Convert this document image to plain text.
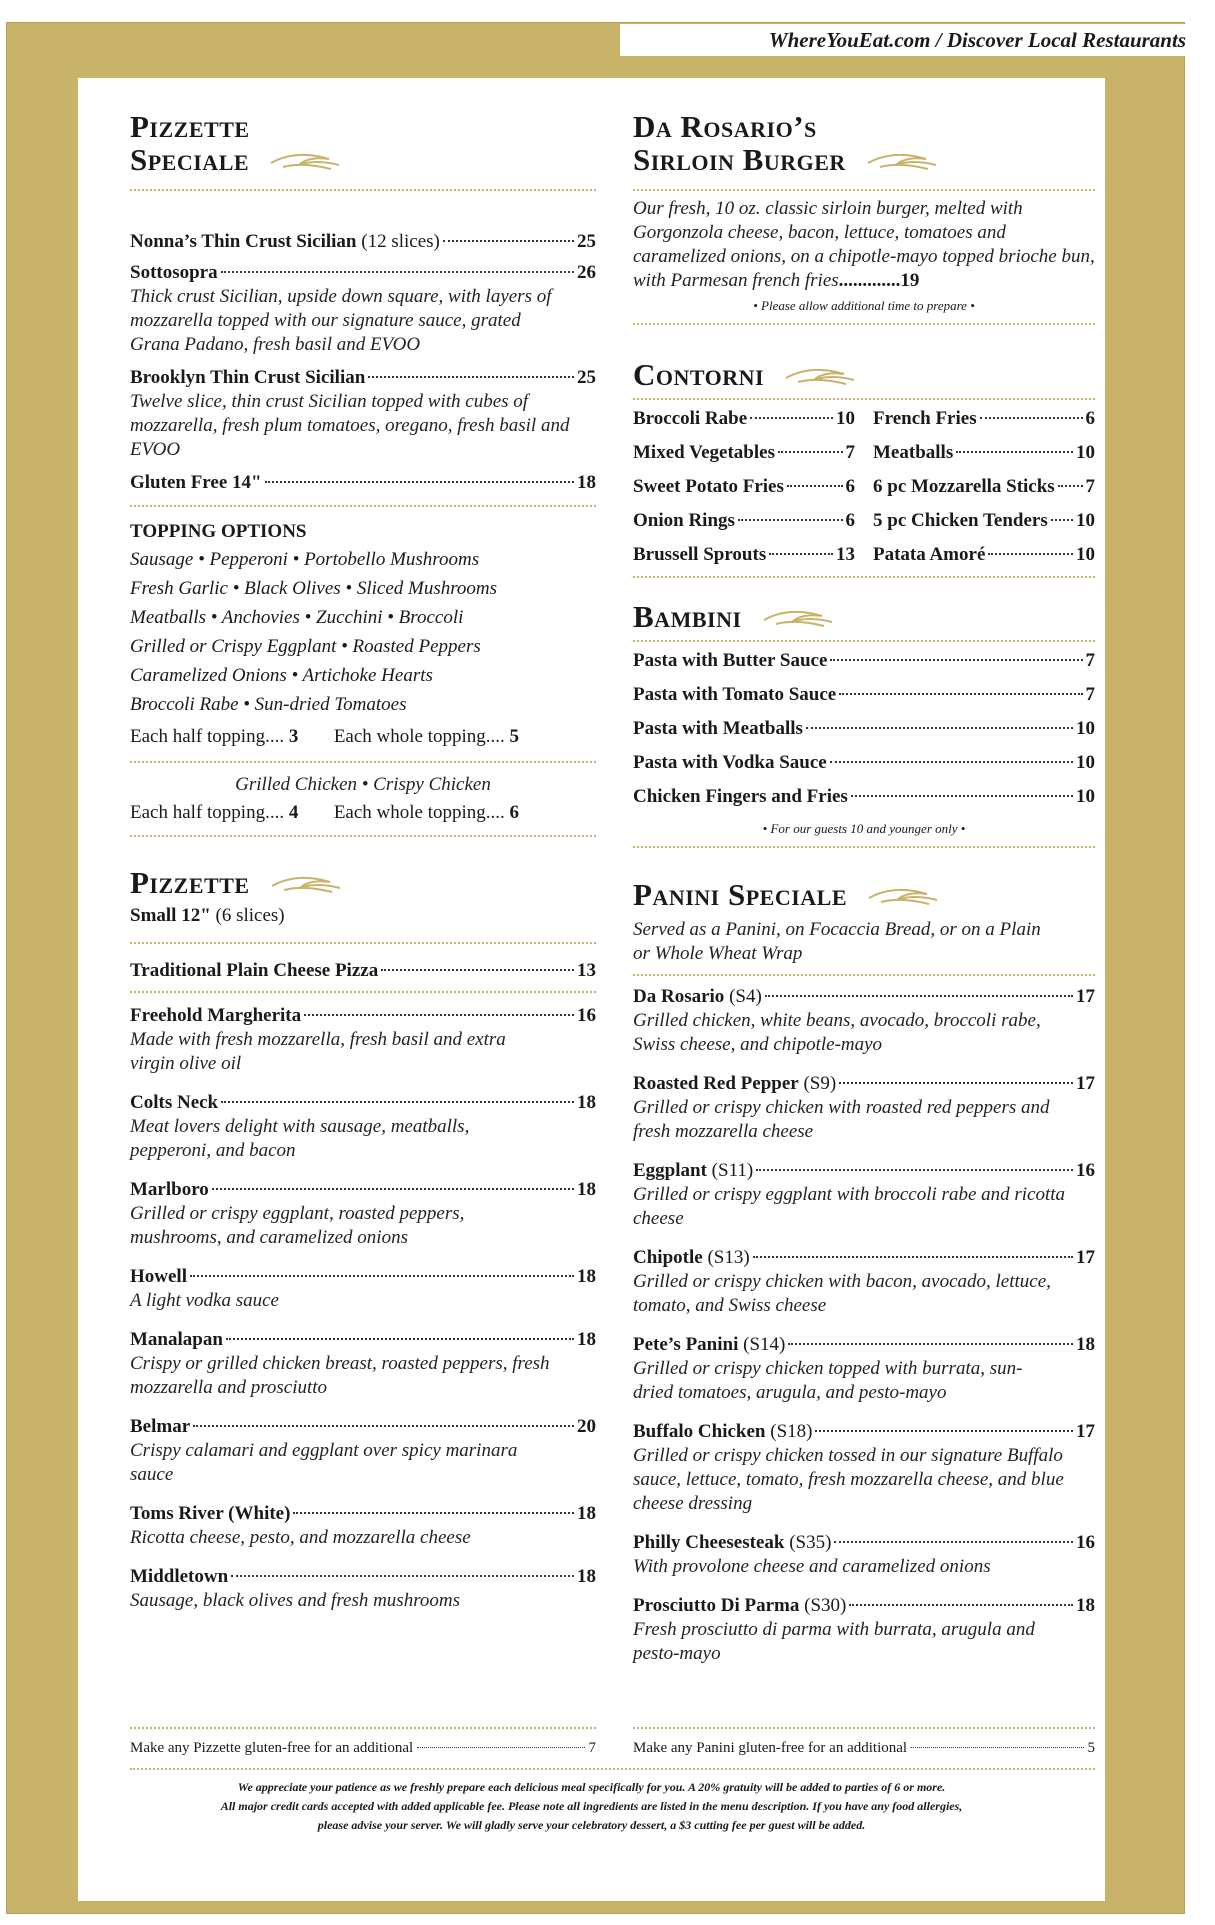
WhereYouEat.com / Discover Local Restaurants
Pizzette
Speciale
Nonna’s Thin Crust Sicilian (12 slices)	25
Sottosopra	26
Thick crust Sicilian, upside down square, with layers of mozzarella topped with our signature sauce, grated Grana Padano, fresh basil and EVOO
Brooklyn Thin Crust Sicilian	25
Twelve slice, thin crust Sicilian topped with cubes of mozzarella, fresh plum tomatoes, oregano, fresh basil and EVOO
Gluten Free 14"	18
TOPPING OPTIONS
Sausage • Pepperoni • Portobello Mushrooms
Fresh Garlic • Black Olives • Sliced Mushrooms
Meatballs • Anchovies • Zucchini • Broccoli
Grilled or Crispy Eggplant • Roasted Peppers
Caramelized Onions • Artichoke Hearts
Broccoli Rabe • Sun-dried Tomatoes
Each half topping.... 3 Each whole topping.... 5
Grilled Chicken • Crispy Chicken
Each half topping.... 4 Each whole topping.... 6
Pizzette
Small 12" (6 slices)
Traditional Plain Cheese Pizza	13
Freehold Margherita	16
Made with fresh mozzarella, fresh basil and extra virgin olive oil
Colts Neck	18
Meat lovers delight with sausage, meatballs, pepperoni, and bacon
Marlboro	18
Grilled or crispy eggplant, roasted peppers, mushrooms, and caramelized onions
Howell	18
A light vodka sauce
Manalapan	18
Crispy or grilled chicken breast, roasted peppers, fresh mozzarella and prosciutto
Belmar	20
Crispy calamari and eggplant over spicy marinara sauce
Toms River (White)	18
Ricotta cheese, pesto, and mozzarella cheese
Middletown	18
Sausage, black olives and fresh mushrooms
Make any Pizzette gluten-free for an additional	7
Da Rosario’s
Sirloin Burger
Our fresh, 10 oz. classic sirloin burger, melted with Gorgonzola cheese, bacon, lettuce, tomatoes and caramelized onions, on a chipotle-mayo topped brioche bun, with Parmesan french fries.............19
• Please allow additional time to prepare •
Contorni
Broccoli Rabe	10
Mixed Vegetables	7
Sweet Potato Fries	6
Onion Rings	6
Brussell Sprouts	13
French Fries	6
Meatballs	10
6 pc Mozzarella Sticks 7
5 pc Chicken Tenders 10
Patata Amoré	10
Bambini
Pasta with Butter Sauce	7
Pasta with Tomato Sauce	7
Pasta with Meatballs	10
Pasta with Vodka Sauce	10
Chicken Fingers and Fries	10
• For our guests 10 and younger only •
Panini Speciale
Served as a Panini, on Focaccia Bread, or on a Plain or Whole Wheat Wrap
Da Rosario (S4)	17
Grilled chicken, white beans, avocado, broccoli rabe, Swiss cheese, and chipotle-mayo
Roasted Red Pepper (S9)	17
Grilled or crispy chicken with roasted red peppers and fresh mozzarella cheese
Eggplant (S11)	16
Grilled or crispy eggplant with broccoli rabe and ricotta cheese
Chipotle (S13)	17
Grilled or crispy chicken with bacon, avocado, lettuce, tomato, and Swiss cheese
Pete’s Panini (S14)	18
Grilled or crispy chicken topped with burrata, sun-dried tomatoes, arugula, and pesto-mayo
Buffalo Chicken (S18)	17
Grilled or crispy chicken tossed in our signature Buffalo sauce, lettuce, tomato, fresh mozzarella cheese, and blue cheese dressing
Philly Cheesesteak (S35)	16
With provolone cheese and caramelized onions
Prosciutto Di Parma (S30)	18
Fresh prosciutto di parma with burrata, arugula and pesto-mayo
Make any Panini gluten-free for an additional	5
We appreciate your patience as we freshly prepare each delicious meal specifically for you. A 20% gratuity will be added to parties of 6 or more.
All major credit cards accepted with added applicable fee. Please note all ingredients are listed in the menu description. If you have any food allergies,
please advise your server. We will gladly serve your celebratory dessert, a $3 cutting fee per guest will be added.
